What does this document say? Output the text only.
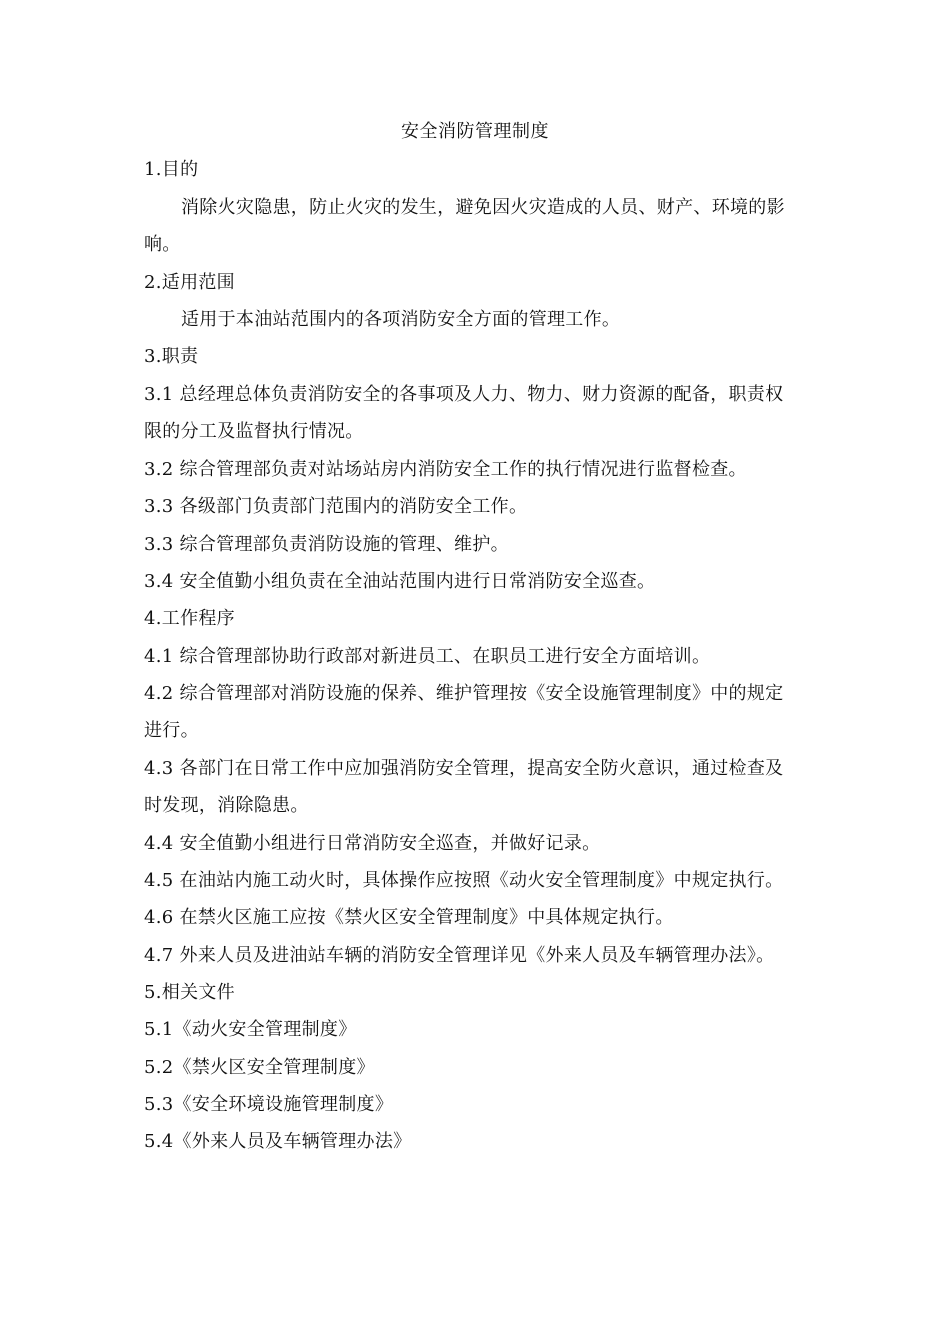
安全消防管理制度
1.目的
消除火灾隐患，防止火灾的发生，避免因火灾造成的人员、财产、环境的影
响。
2.适用范围
适用于本油站范围内的各项消防安全方面的管理工作。
3.职责
3.1 总经理总体负责消防安全的各事项及人力、物力、财力资源的配备，职责权
限的分工及监督执行情况。
3.2 综合管理部负责对站场站房内消防安全工作的执行情况进行监督检查。
3.3 各级部门负责部门范围内的消防安全工作。
3.3 综合管理部负责消防设施的管理、维护。
3.4 安全值勤小组负责在全油站范围内进行日常消防安全巡查。
4.工作程序
4.1 综合管理部协助行政部对新进员工、在职员工进行安全方面培训。
4.2 综合管理部对消防设施的保养、维护管理按《安全设施管理制度》中的规定
进行。
4.3 各部门在日常工作中应加强消防安全管理，提高安全防火意识，通过检查及
时发现，消除隐患。
4.4 安全值勤小组进行日常消防安全巡查，并做好记录。
4.5 在油站内施工动火时，具体操作应按照《动火安全管理制度》中规定执行。
4.6 在禁火区施工应按《禁火区安全管理制度》中具体规定执行。
4.7 外来人员及进油站车辆的消防安全管理详见《外来人员及车辆管理办法》。
5.相关文件
5.1《动火安全管理制度》
5.2《禁火区安全管理制度》
5.3《安全环境设施管理制度》
5.4《外来人员及车辆管理办法》
